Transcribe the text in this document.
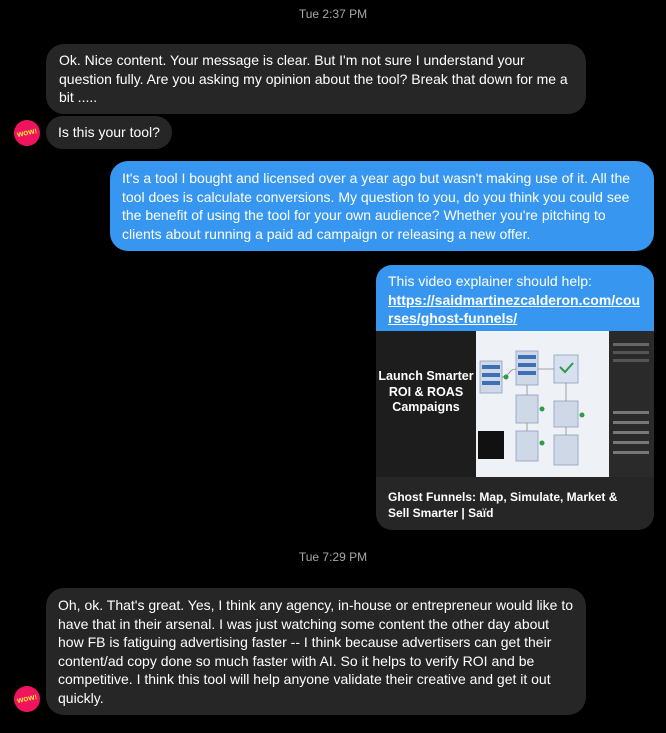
Tue 2:37 PM
Ok. Nice content. Your message is clear. But I'm not sure I understand your question fully. Are you asking my opinion about the tool? Break that down for me a bit .....
WOW!	Is this your tool?
It's a tool I bought and licensed over a year ago but wasn't making use of it. All the tool does is calculate conversions. My question to you, do you think you could see the benefit of using the tool for your own audience? Whether you're pitching to clients about running a paid ad campaign or releasing a new offer.
This video explainer should help:
https://saidmartinezcalderon.com/courses/ghost-funnels/
Launch Smarter ROI & ROAS Campaigns
Ghost Funnels: Map, Simulate, Market & Sell Smarter | Saïd
Tue 7:29 PM
Oh, ok. That's great. Yes, I think any agency, in-house or entrepreneur would like to have that in their arsenal. I was just watching some content the other day about how FB is fatiguing advertising faster -- I think because advertisers can get their content/ad copy done so much faster with AI. So it helps to verify ROI and be competitive. I think this tool will help anyone validate their creative and get it out quickly.
WOW!
